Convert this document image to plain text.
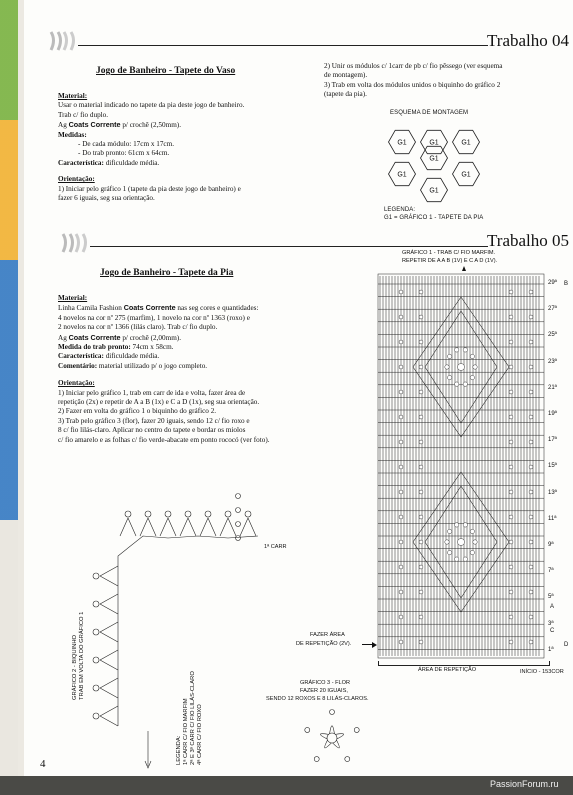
Trabalho 04
Jogo de Banheiro - Tapete do Vaso
Material:
Usar o material indicado no tapete da pia deste jogo de banheiro.
Trab c/ fio duplo.
Ag Coats Corrente p/ crochê (2,50mm).
Medidas:
- De cada módulo: 17cm x 17cm.
- Do trab pronto: 61cm x 64cm.
Característica: dificuldade média.
Orientação:
1) Iniciar pelo gráfico 1 (tapete da pia deste jogo de banheiro) e
fazer 6 iguais, seg sua orientação.
2) Unir os módulos c/ 1carr de pb c/ fio pêssego (ver esquema
de montagem).
3) Trab em volta dos módulos unidos o biquinho do gráfico 2
(tapete da pia).
ESQUEMA DE MONTAGEM
G1	G1	G1
G1
G1
G1
G1
LEGENDA:
G1 = GRÁFICO 1 - TAPETE DA PIA
Trabalho 05
Jogo de Banheiro - Tapete da Pia
Material:
Linha Camila Fashion Coats Corrente nas seg cores e quantidades:
4 novelos na cor nº 275 (marfim), 1 novelo na cor nº 1363 (roxo) e
2 novelos na cor nº 1366 (lilás claro). Trab c/ fio duplo.
Ag Coats Corrente p/ crochê (2,00mm).
Medida do trab pronto: 74cm x 58cm.
Característica: dificuldade média.
Comentário: material utilizado p/ o jogo completo.
Orientação:
1) Iniciar pelo gráfico 1, trab em carr de ida e volta, fazer área de
repetição (2x) e repetir de A a B (1x) e C a D (1x), seg sua orientação.
2) Fazer em volta do gráfico 1 o biquinho do gráfico 2.
3) Trab pelo gráfico 3 (flor), fazer 20 iguais, sendo 12 c/ fio roxo e
8 c/ fio lilás-claro. Aplicar no centro do tapete e bordar os miolos
c/ fio amarelo e as folhas c/ fio verde-abacate em ponto rococó (ver foto).
GRÁFICO 1 - TRAB C/ FIO MARFIM.
REPETIR DE A A B (1V) E C A D (1V).
29ª
27ª
25ª
23ª
21ª
19ª
17ª
15ª
13ª
11ª
9ª
7ª
5ª
3ª
1ª
B
A
C
D
FAZER ÁREA
DE REPETIÇÃO (2V).
ÁREA DE REPETIÇÃO	INÍCIO - 153COR
1ª CARR
GRÁFICO 2 - BIQUINHO TRAB EM VOLTA DO GRÁFICO 1
LEGENDA: 1ª CARR C/ FIO MARFIM 2ª E 3ª CARR C/ FIO LILÁS-CLARO 4ª CARR C/ FIO ROXO
GRÁFICO 3 - FLOR
FAZER 20 IGUAIS,
SENDO 12 ROXOS E 8 LILÁS-CLAROS.
4
PassionForum.ru
